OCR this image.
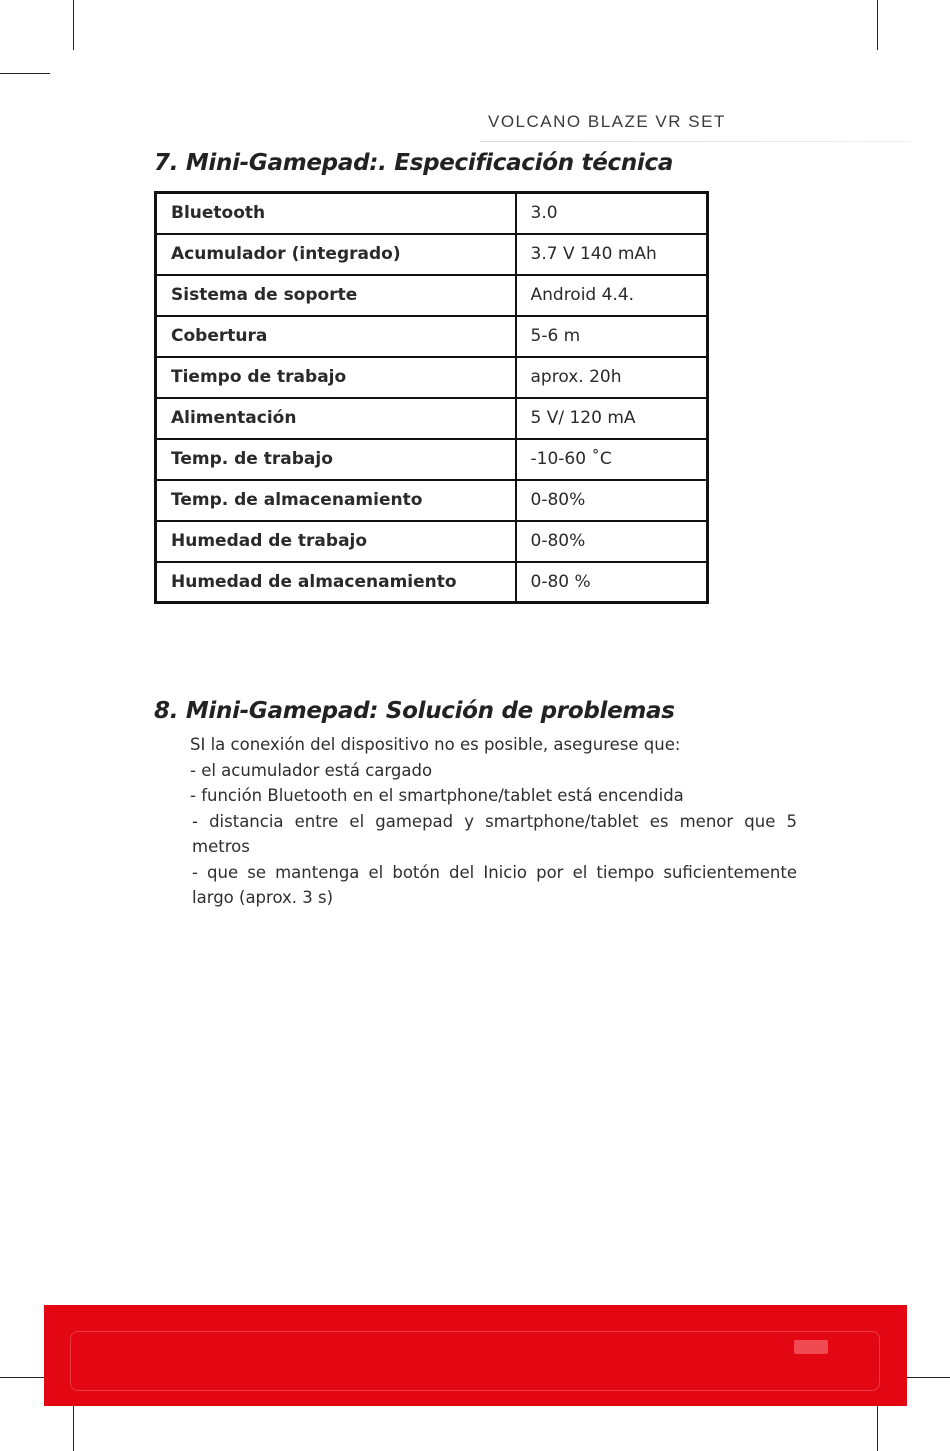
VOLCANO BLAZE VR SET
7. Mini-Gamepad:. Especificación técnica
Bluetooth	3.0
Acumulador (integrado)	3.7 V 140 mAh
Sistema de soporte	Android 4.4.
Cobertura	5-6 m
Tiempo de trabajo	aprox. 20h
Alimentación	5 V/ 120 mA
Temp. de trabajo	-10-60 ˚C
Temp. de almacenamiento	0-80%
Humedad de trabajo	0-80%
Humedad de almacenamiento	0-80 %
8. Mini-Gamepad: Solución de problemas

SI la conexión del dispositivo no es posible, asegurese que:

- el acumulador está cargado

- función Bluetooth en el smartphone/tablet está encendida

- distancia entre el gamepad y smartphone/tablet es menor que 5 metros

- que se mantenga el botón del Inicio por el tiempo suficientemente largo (aprox. 3 s)
